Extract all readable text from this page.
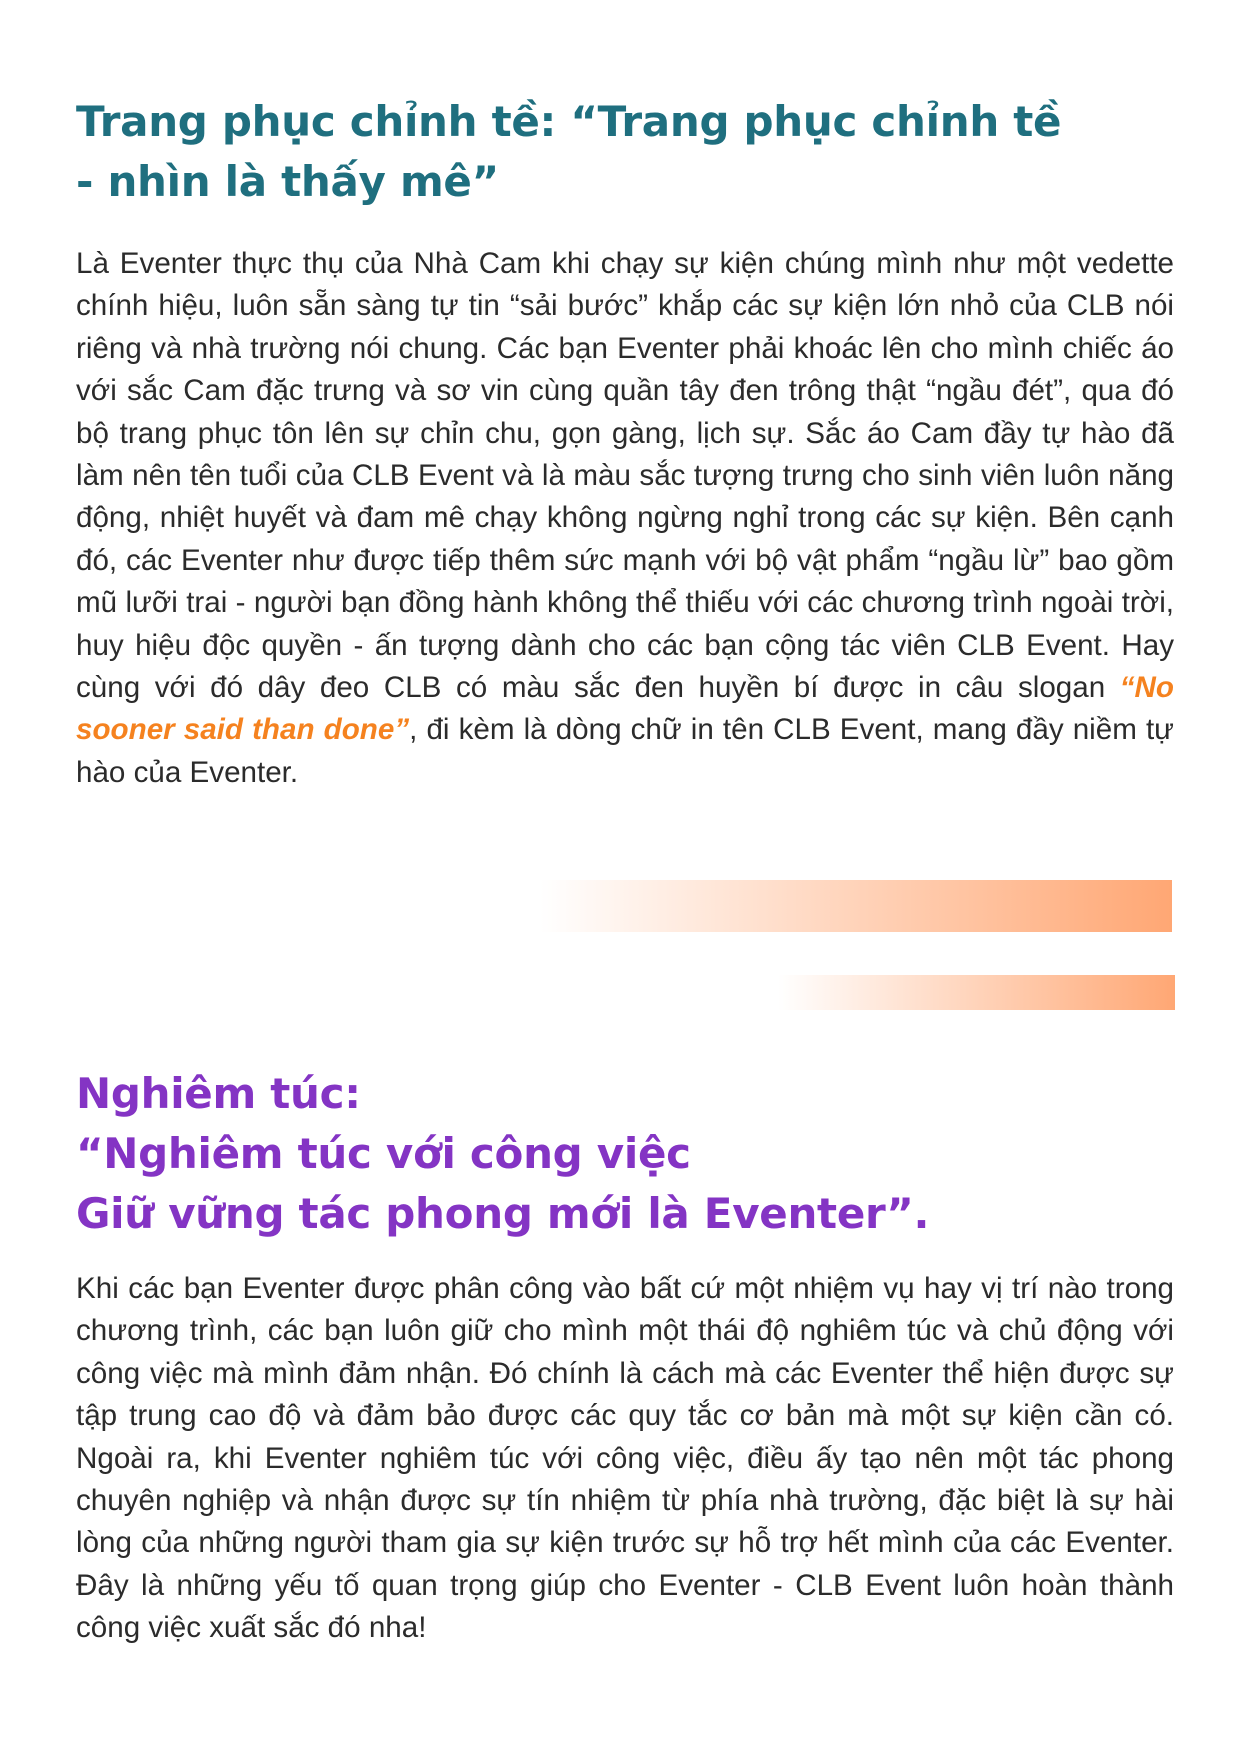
Trang phục chỉnh tề: “Trang phục chỉnh tề
- nhìn là thấy mê”

Là Eventer thực thụ của Nhà Cam khi chạy sự kiện chúng mình như một vedette chính hiệu, luôn sẵn sàng tự tin “sải bước” khắp các sự kiện lớn nhỏ của CLB nói riêng và nhà trường nói chung. Các bạn Eventer phải khoác lên cho mình chiếc áo với sắc Cam đặc trưng và sơ vin cùng quần tây đen trông thật “ngầu đét”, qua đó bộ trang phục tôn lên sự chỉn chu, gọn gàng, lịch sự. Sắc áo Cam đầy tự hào đã làm nên tên tuổi của CLB Event và là màu sắc tượng trưng cho sinh viên luôn năng động, nhiệt huyết và đam mê chạy không ngừng nghỉ trong các sự kiện. Bên cạnh đó, các Eventer như được tiếp thêm sức mạnh với bộ vật phẩm “ngầu lừ” bao gồm mũ lưỡi trai - người bạn đồng hành không thể thiếu với các chương trình ngoài trời, huy hiệu độc quyền - ấn tượng dành cho các bạn cộng tác viên CLB Event. Hay cùng với đó dây đeo CLB có màu sắc đen huyền bí được in câu slogan “No sooner said than done”, đi kèm là dòng chữ in tên CLB Event, mang đầy niềm tự hào của Eventer.

Nghiêm túc:
“Nghiêm túc với công việc
Giữ vững tác phong mới là Eventer”.

Khi các bạn Eventer được phân công vào bất cứ một nhiệm vụ hay vị trí nào trong chương trình, các bạn luôn giữ cho mình một thái độ nghiêm túc và chủ động với công việc mà mình đảm nhận. Đó chính là cách mà các Eventer thể hiện được sự tập trung cao độ và đảm bảo được các quy tắc cơ bản mà một sự kiện cần có. Ngoài ra, khi Eventer nghiêm túc với công việc, điều ấy tạo nên một tác phong chuyên nghiệp và nhận được sự tín nhiệm từ phía nhà trường, đặc biệt là sự hài lòng của những người tham gia sự kiện trước sự hỗ trợ hết mình của các Eventer. Đây là những yếu tố quan trọng giúp cho Eventer - CLB Event luôn hoàn thành công việc xuất sắc đó nha!
